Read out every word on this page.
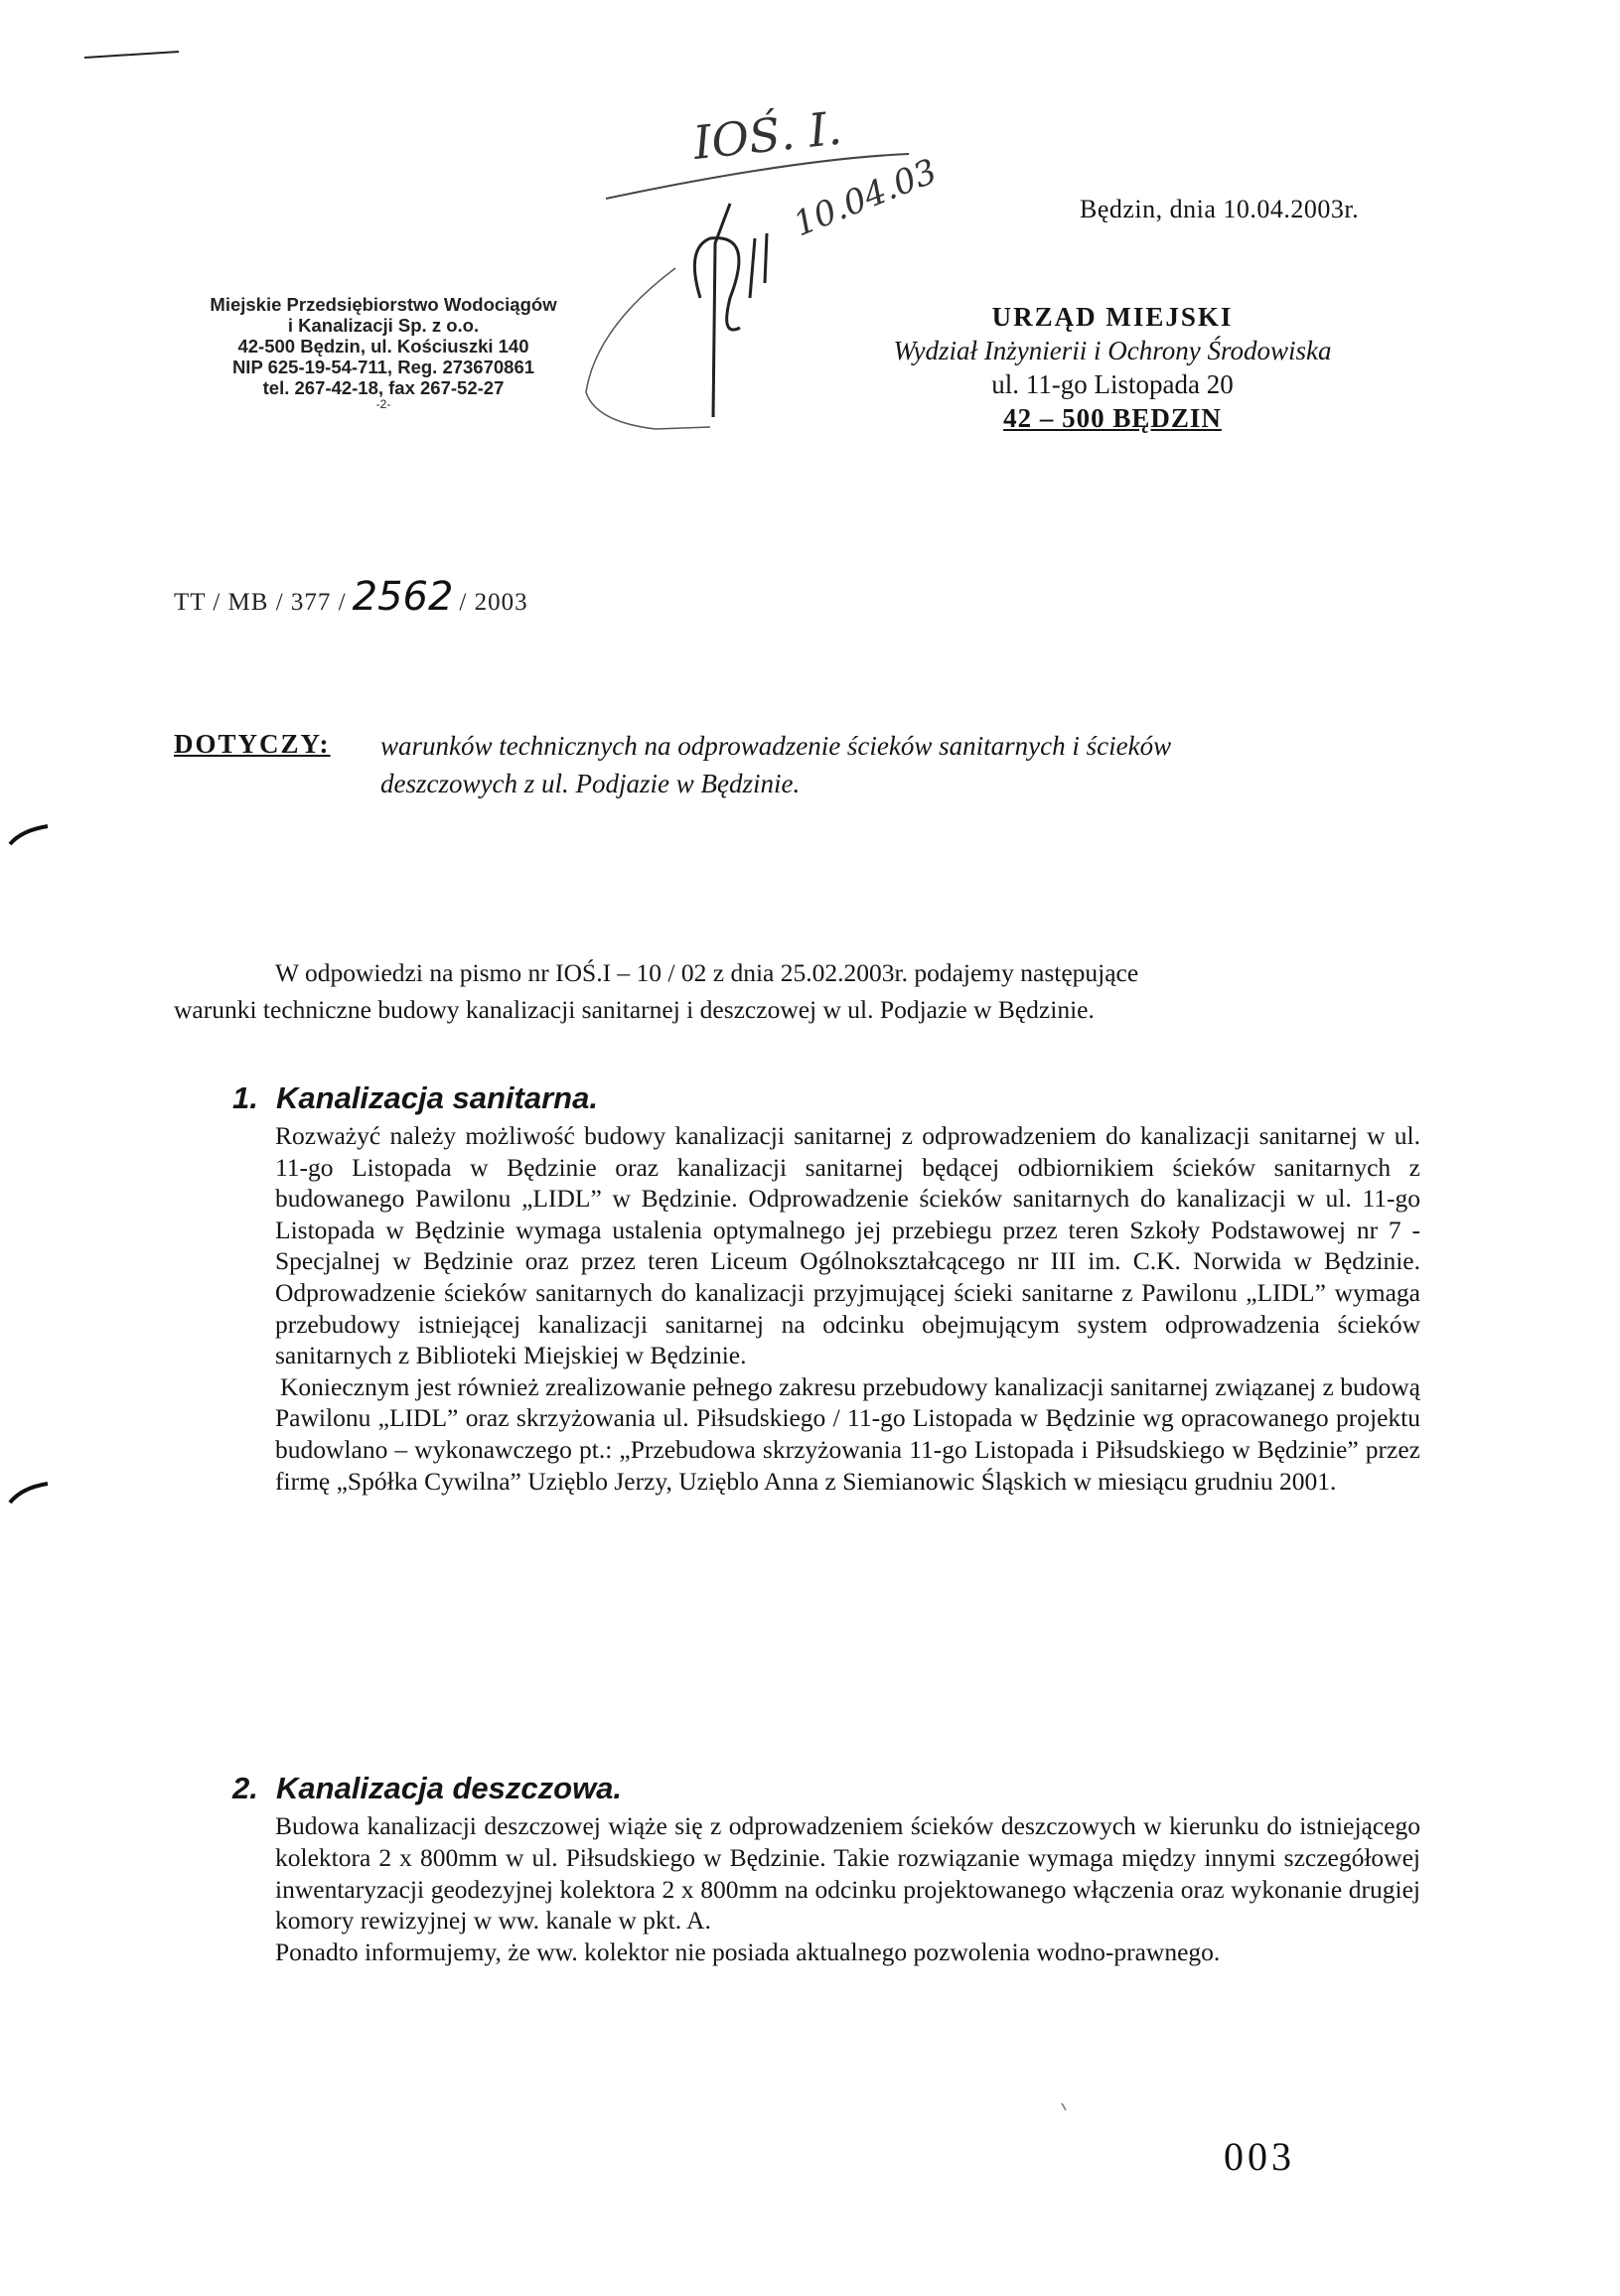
IOŚ. I.
10.04.03
Miejskie Przedsiębiorstwo Wodociągów
i Kanalizacji Sp. z o.o.
42-500 Będzin, ul. Kościuszki 140
NIP 625-19-54-711, Reg. 273670861
tel. 267-42-18, fax 267-52-27
-2-
Będzin, dnia 10.04.2003r.
URZĄD MIEJSKI
Wydział Inżynierii i Ochrony Środowiska
ul. 11-go Listopada 20
42 – 500 BĘDZIN
TT / MB / 377 / 2562 / 2003
DOTYCZY: warunków technicznych na odprowadzenie ścieków sanitarnych i ścieków
deszczowych z ul. Podjazie w Będzinie.
W odpowiedzi na pismo nr IOŚ.I – 10 / 02 z dnia 25.02.2003r. podajemy następujące
warunki techniczne budowy kanalizacji sanitarnej i deszczowej w ul. Podjazie w Będzinie.
1. Kanalizacja sanitarna.

Rozważyć należy możliwość budowy kanalizacji sanitarnej z odprowadzeniem do kanalizacji sanitarnej w ul. 11-go Listopada w Będzinie oraz kanalizacji sanitarnej będącej odbiornikiem ścieków sanitarnych z budowanego Pawilonu „LIDL” w Będzinie. Odprowadzenie ścieków sanitarnych do kanalizacji w ul. 11-go Listopada w Będzinie wymaga ustalenia optymalnego jej przebiegu przez teren Szkoły Podstawowej nr 7 - Specjalnej w Będzinie oraz przez teren Liceum Ogólnokształcącego nr III im. C.K. Norwida w Będzinie. Odprowadzenie ścieków sanitarnych do kanalizacji przyjmującej ścieki sanitarne z Pawilonu „LIDL” wymaga przebudowy istniejącej kanalizacji sanitarnej na odcinku obejmującym system odprowadzenia ścieków sanitarnych z Biblioteki Miejskiej w Będzinie.

Koniecznym jest również zrealizowanie pełnego zakresu przebudowy kanalizacji sanitarnej związanej z budową Pawilonu „LIDL” oraz skrzyżowania ul. Piłsudskiego / 11-go Listopada w Będzinie wg opracowanego projektu budowlano – wykonawczego pt.: „Przebudowa skrzyżowania 11-go Listopada i Piłsudskiego w Będzinie” przez firmę „Spółka Cywilna” Uzięblo Jerzy, Uzięblo Anna z Siemianowic Śląskich w miesiącu grudniu 2001.

2. Kanalizacja deszczowa.

Budowa kanalizacji deszczowej wiąże się z odprowadzeniem ścieków deszczowych w kierunku do istniejącego kolektora 2 x 800mm w ul. Piłsudskiego w Będzinie. Takie rozwiązanie wymaga między innymi szczegółowej inwentaryzacji geodezyjnej kolektora 2 x 800mm na odcinku projektowanego włączenia oraz wykonanie drugiej komory rewizyjnej w ww. kanale w pkt. A.

Ponadto informujemy, że ww. kolektor nie posiada aktualnego pozwolenia wodno-prawnego.

003
